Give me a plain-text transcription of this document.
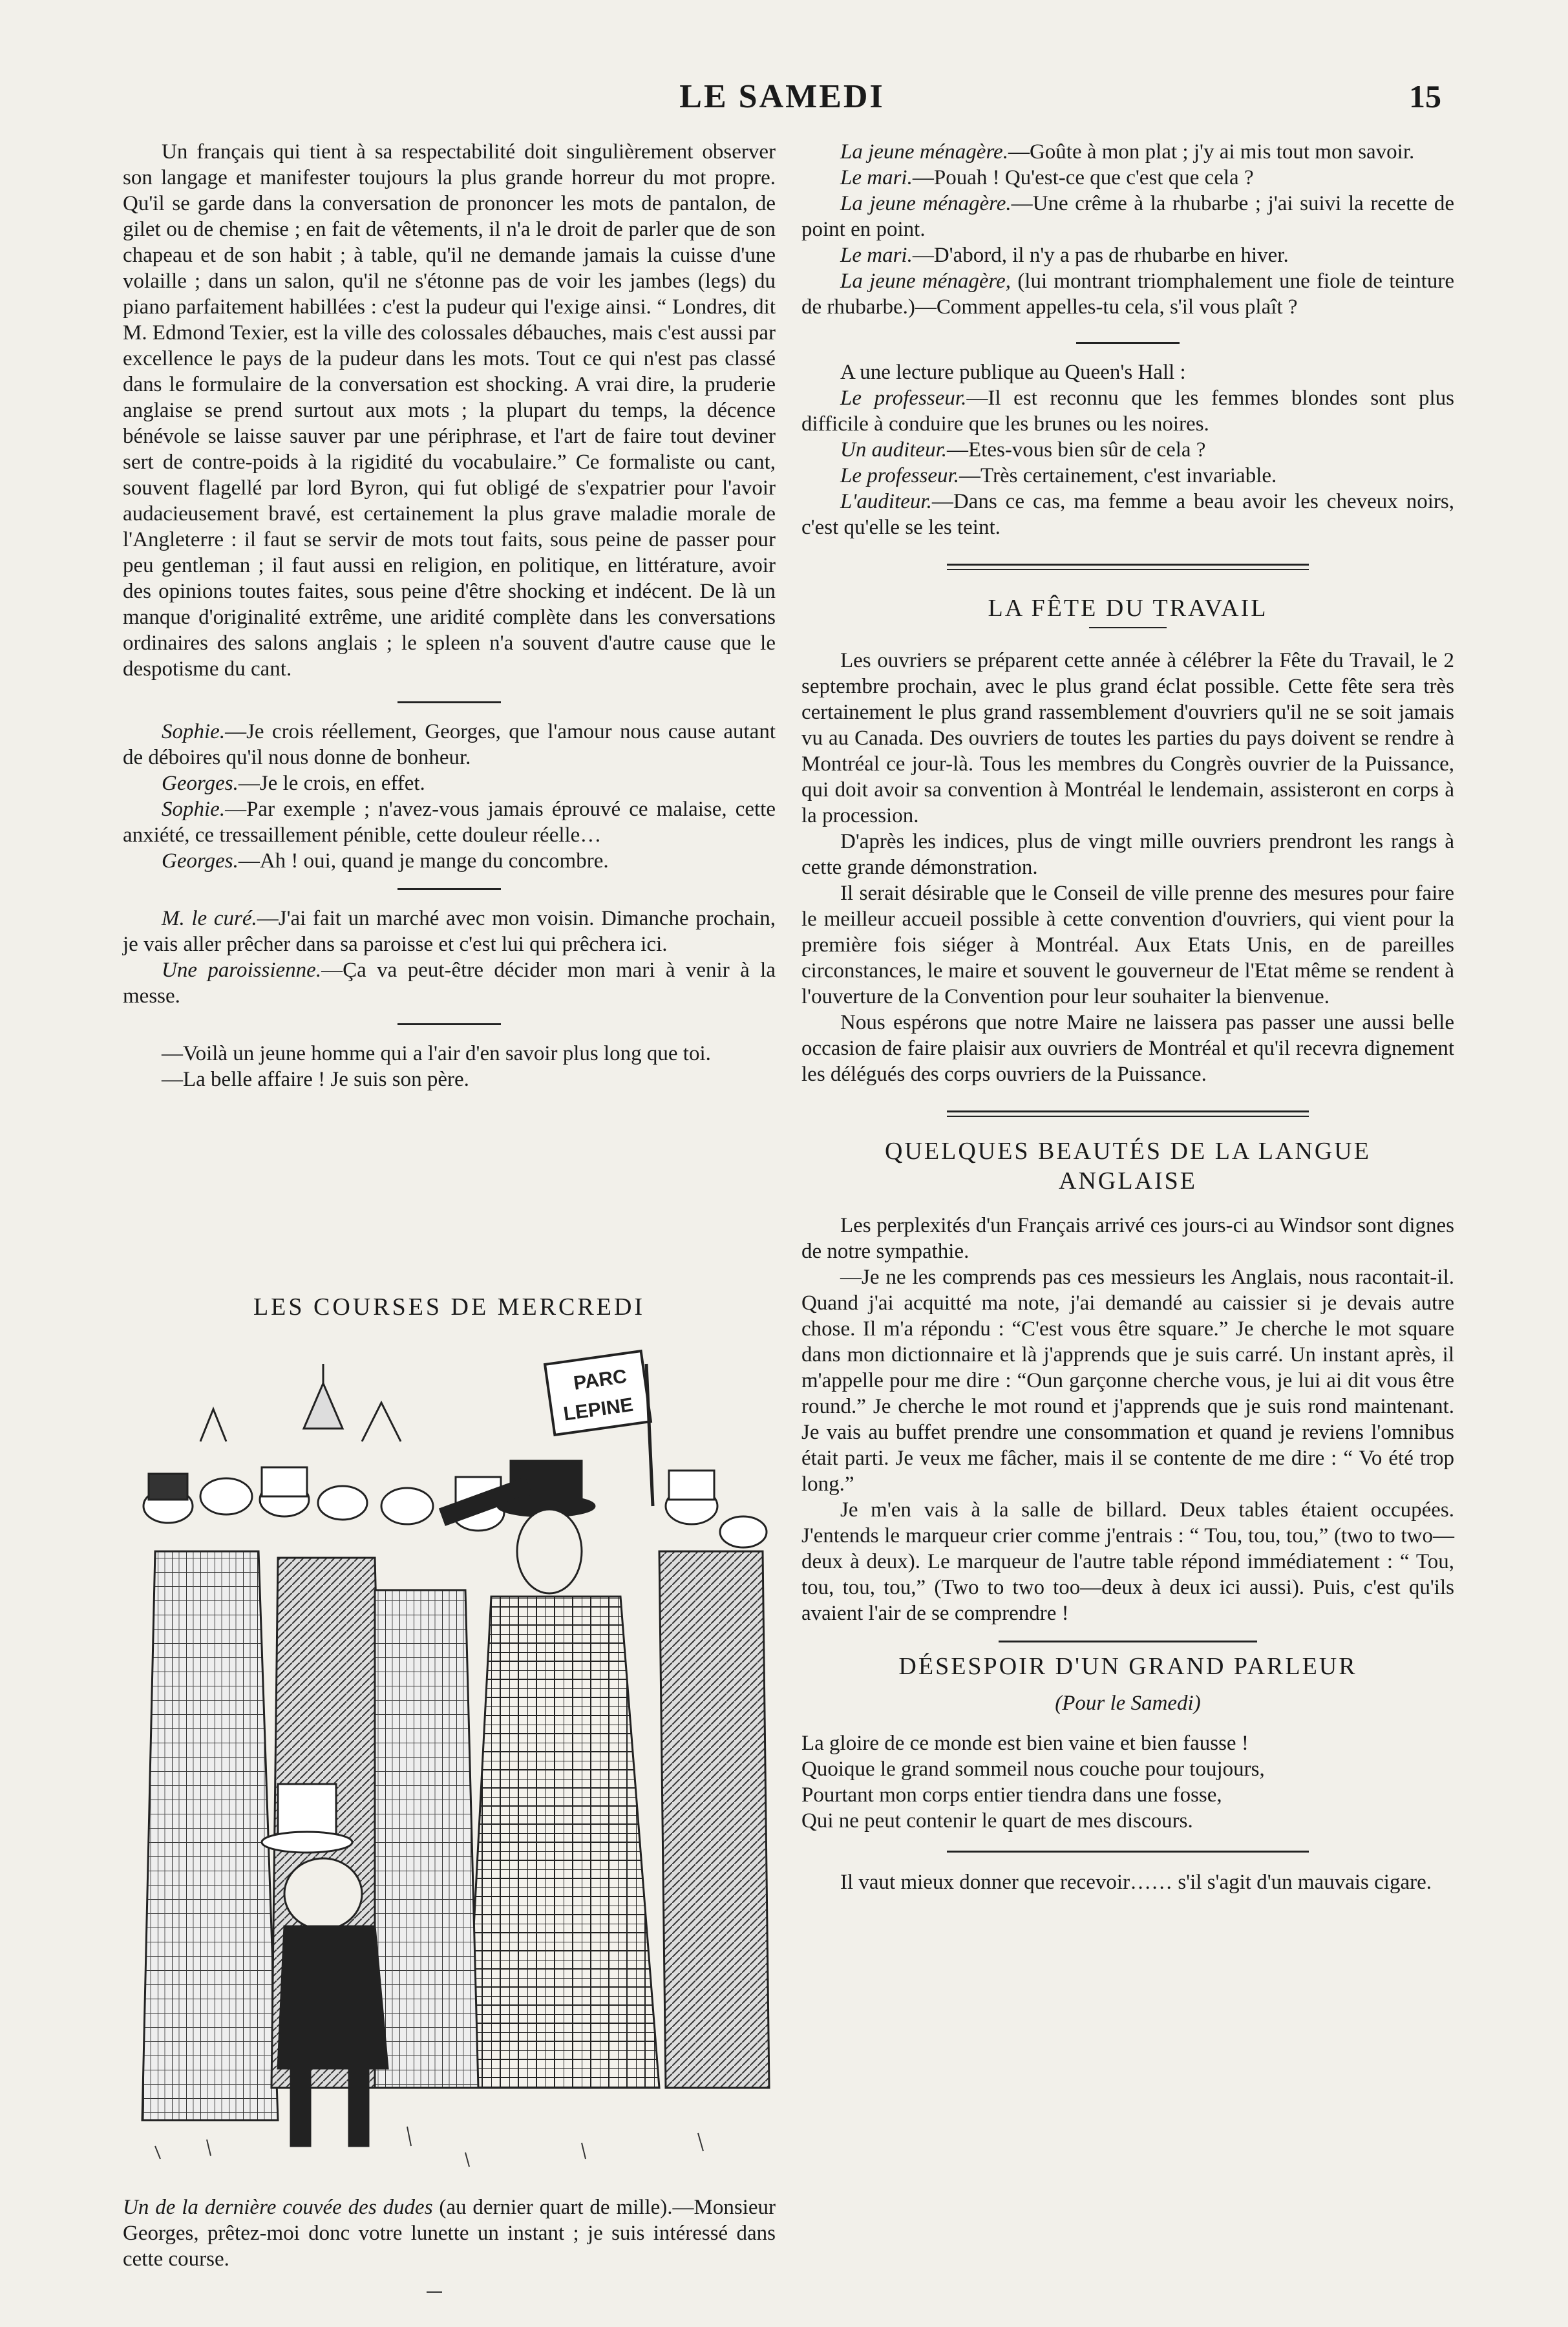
LE SAMEDI	15

Un français qui tient à sa respectabilité doit singulièrement observer son langage et manifester toujours la plus grande horreur du mot propre. Qu'il se garde dans la conversation de prononcer les mots de pantalon, de gilet ou de chemise ; en fait de vêtements, il n'a le droit de parler que de son chapeau et de son habit ; à table, qu'il ne demande jamais la cuisse d'une volaille ; dans un salon, qu'il ne s'étonne pas de voir les jambes (legs) du piano parfaitement habillées : c'est la pudeur qui l'exige ainsi. “ Londres, dit M. Edmond Texier, est la ville des colossales débauches, mais c'est aussi par excellence le pays de la pudeur dans les mots. Tout ce qui n'est pas classé dans le formulaire de la conversation est shocking. A vrai dire, la pruderie anglaise se prend surtout aux mots ; la plupart du temps, la décence bénévole se laisse sauver par une périphrase, et l'art de faire tout deviner sert de contre-poids à la rigidité du vocabulaire.” Ce formaliste ou cant, souvent flagellé par lord Byron, qui fut obligé de s'expatrier pour l'avoir audacieusement bravé, est certainement la plus grave maladie morale de l'Angleterre : il faut se servir de mots tout faits, sous peine de passer pour peu gentleman ; il faut aussi en religion, en politique, en littérature, avoir des opinions toutes faites, sous peine d'être shocking et indécent. De là un manque d'originalité extrême, une aridité complète dans les conversations ordinaires des salons anglais ; le spleen n'a souvent d'autre cause que le despotisme du cant.

Sophie.—Je crois réellement, Georges, que l'amour nous cause autant de déboires qu'il nous donne de bonheur.

Georges.—Je le crois, en effet.

Sophie.—Par exemple ; n'avez-vous jamais éprouvé ce malaise, cette anxiété, ce tressaillement pénible, cette douleur réelle…

Georges.—Ah ! oui, quand je mange du concombre.

M. le curé.—J'ai fait un marché avec mon voisin. Dimanche prochain, je vais aller prêcher dans sa paroisse et c'est lui qui prêchera ici.

Une paroissienne.—Ça va peut-être décider mon mari à venir à la messe.

—Voilà un jeune homme qui a l'air d'en savoir plus long que toi.

—La belle affaire ! Je suis son père.

LES COURSES DE MERCREDI
PARC
LEPINE
Un de la dernière couvée des dudes (au dernier quart de mille).—Monsieur Georges, prêtez-moi donc votre lunette un instant ; je suis intéressé dans cette course.

La jeune ménagère.—Goûte à mon plat ; j'y ai mis tout mon savoir.

Le mari.—Pouah ! Qu'est-ce que c'est que cela ?

La jeune ménagère.—Une crême à la rhubarbe ; j'ai suivi la recette de point en point.

Le mari.—D'abord, il n'y a pas de rhubarbe en hiver.

La jeune ménagère, (lui montrant triomphalement une fiole de teinture de rhubarbe.)—Comment appelles-tu cela, s'il vous plaît ?

A une lecture publique au Queen's Hall :

Le professeur.—Il est reconnu que les femmes blondes sont plus difficile à conduire que les brunes ou les noires.

Un auditeur.—Etes-vous bien sûr de cela ?

Le professeur.—Très certainement, c'est invariable.

L'auditeur.—Dans ce cas, ma femme a beau avoir les cheveux noirs, c'est qu'elle se les teint.

LA FÊTE DU TRAVAIL

Les ouvriers se préparent cette année à célébrer la Fête du Travail, le 2 septembre prochain, avec le plus grand éclat possible. Cette fête sera très certainement le plus grand rassemblement d'ouvriers qu'il ne se soit jamais vu au Canada. Des ouvriers de toutes les parties du pays doivent se rendre à Montréal ce jour-là. Tous les membres du Congrès ouvrier de la Puissance, qui doit avoir sa convention à Montréal le lendemain, assisteront en corps à la procession.

D'après les indices, plus de vingt mille ouvriers prendront les rangs à cette grande démonstration.

Il serait désirable que le Conseil de ville prenne des mesures pour faire le meilleur accueil possible à cette convention d'ouvriers, qui vient pour la première fois siéger à Montréal. Aux Etats Unis, en de pareilles circonstances, le maire et souvent le gouverneur de l'Etat même se rendent à l'ouverture de la Convention pour leur souhaiter la bienvenue.

Nous espérons que notre Maire ne laissera pas passer une aussi belle occasion de faire plaisir aux ouvriers de Montréal et qu'il recevra dignement les délégués des corps ouvriers de la Puissance.

QUELQUES BEAUTÉS DE LA LANGUE
ANGLAISE

Les perplexités d'un Français arrivé ces jours-ci au Windsor sont dignes de notre sympathie.

—Je ne les comprends pas ces messieurs les Anglais, nous racontait-il. Quand j'ai acquitté ma note, j'ai demandé au caissier si je devais autre chose. Il m'a répondu : “C'est vous être square.” Je cherche le mot square dans mon dictionnaire et là j'apprends que je suis carré. Un instant après, il m'appelle pour me dire : “Oun garçonne cherche vous, je lui ai dit vous être round.” Je cherche le mot round et j'apprends que je suis rond maintenant. Je vais au buffet prendre une consommation et quand je reviens l'omnibus était parti. Je veux me fâcher, mais il se contente de me dire : “ Vo été trop long.”

Je m'en vais à la salle de billard. Deux tables étaient occupées. J'entends le marqueur crier comme j'entrais : “ Tou, tou, tou,” (two to two—deux à deux). Le marqueur de l'autre table répond immédiatement : “ Tou, tou, tou, tou,” (Two to two too—deux à deux ici aussi). Puis, c'est qu'ils avaient l'air de se comprendre !

DÉSESPOIR D'UN GRAND PARLEUR
(Pour le Samedi)

La gloire de ce monde est bien vaine et bien fausse !

Quoique le grand sommeil nous couche pour toujours,

Pourtant mon corps entier tiendra dans une fosse,

Qui ne peut contenir le quart de mes discours.

Il vaut mieux donner que recevoir…… s'il s'agit d'un mauvais cigare.
